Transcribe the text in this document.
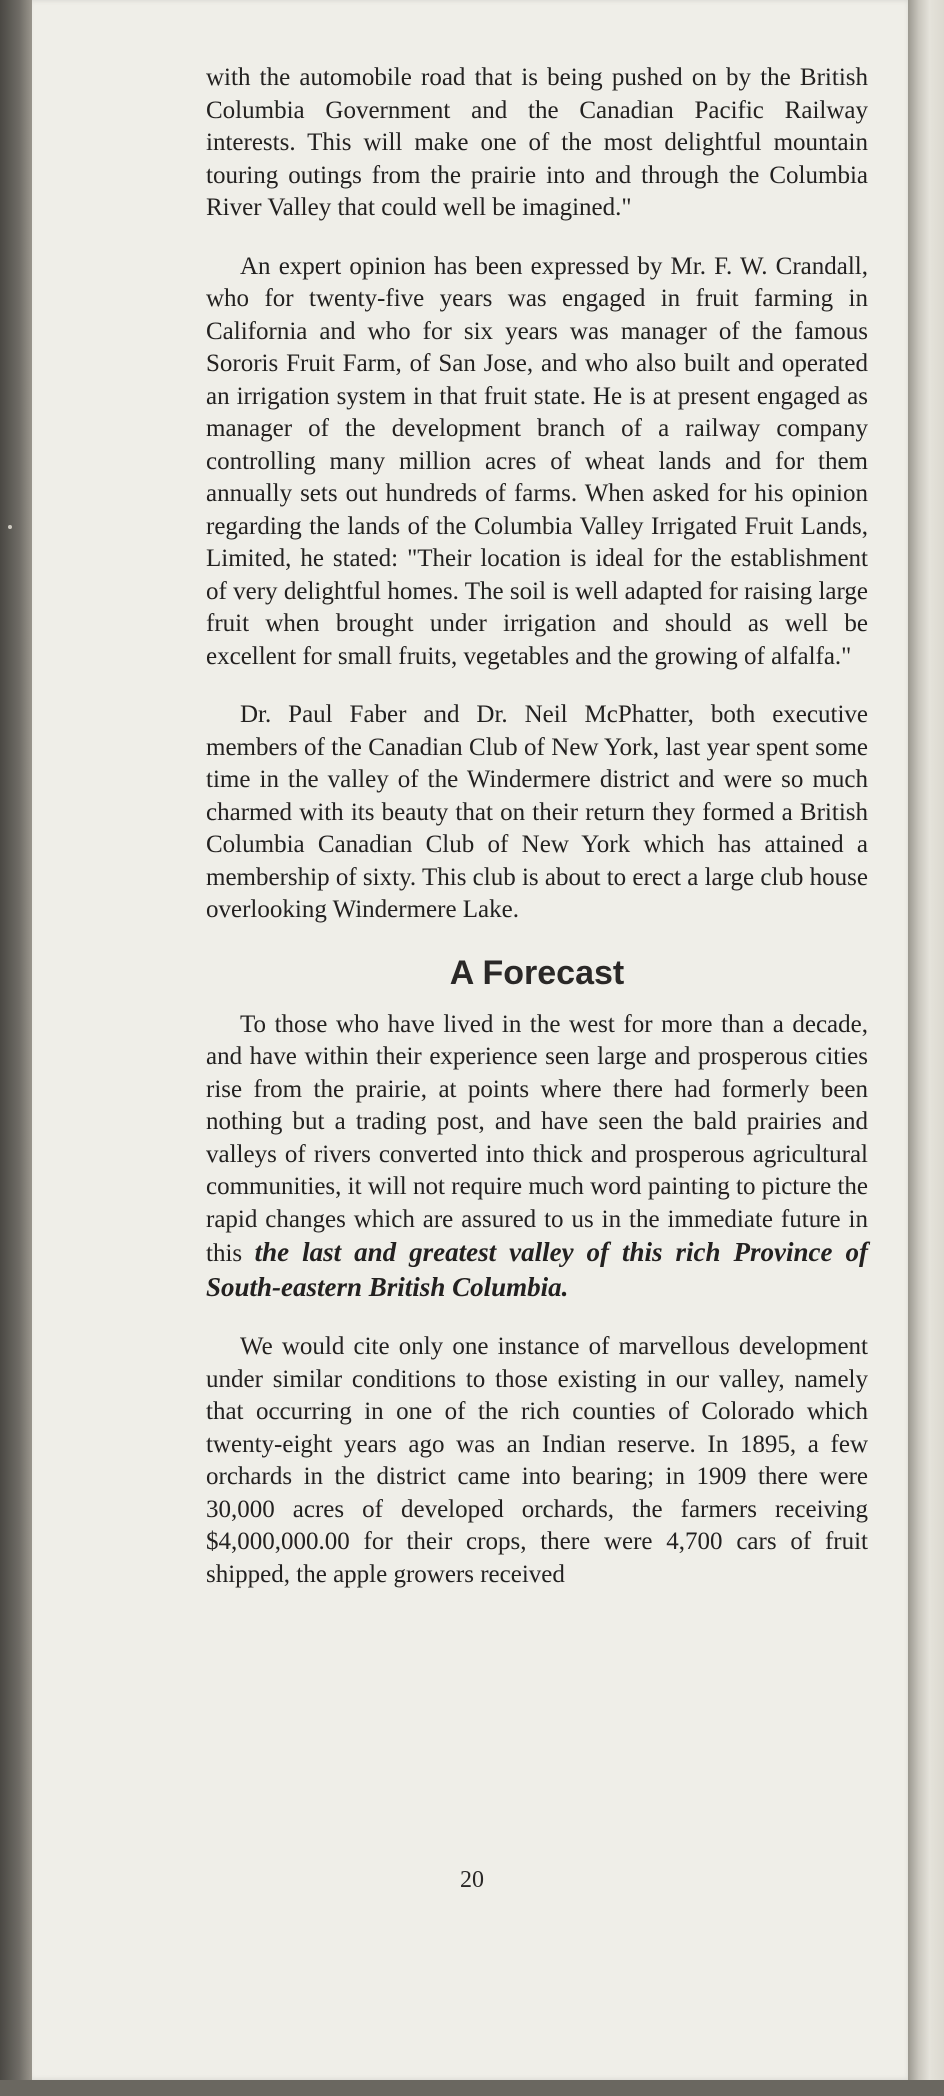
with the automobile road that is being pushed on by the British Columbia Government and the Canadian Pacific Railway interests. This will make one of the most delightful mountain touring outings from the prairie into and through the Columbia River Valley that could well be imagined."

An expert opinion has been expressed by Mr. F. W. Crandall, who for twenty-five years was engaged in fruit farming in California and who for six years was manager of the famous Sororis Fruit Farm, of San Jose, and who also built and operated an irrigation system in that fruit state. He is at present engaged as manager of the development branch of a railway company controlling many million acres of wheat lands and for them annually sets out hundreds of farms. When asked for his opinion regarding the lands of the Columbia Valley Irrigated Fruit Lands, Limited, he stated: "Their location is ideal for the establishment of very delightful homes. The soil is well adapted for raising large fruit when brought under irrigation and should as well be excellent for small fruits, vegetables and the growing of alfalfa."

Dr. Paul Faber and Dr. Neil McPhatter, both executive members of the Canadian Club of New York, last year spent some time in the valley of the Windermere district and were so much charmed with its beauty that on their return they formed a British Columbia Canadian Club of New York which has attained a membership of sixty. This club is about to erect a large club house overlooking Windermere Lake.

A Forecast

To those who have lived in the west for more than a decade, and have within their experience seen large and prosperous cities rise from the prairie, at points where there had formerly been nothing but a trading post, and have seen the bald prairies and valleys of rivers converted into thick and prosperous agricultural communities, it will not require much word painting to picture the rapid changes which are assured to us in the immediate future in this the last and greatest valley of this rich Province of South-eastern British Columbia.

We would cite only one instance of marvellous development under similar conditions to those existing in our valley, namely that occurring in one of the rich counties of Colorado which twenty-eight years ago was an Indian reserve. In 1895, a few orchards in the district came into bearing; in 1909 there were 30,000 acres of developed orchards, the farmers receiving $4,000,000.00 for their crops, there were 4,700 cars of fruit shipped, the apple growers received

20
